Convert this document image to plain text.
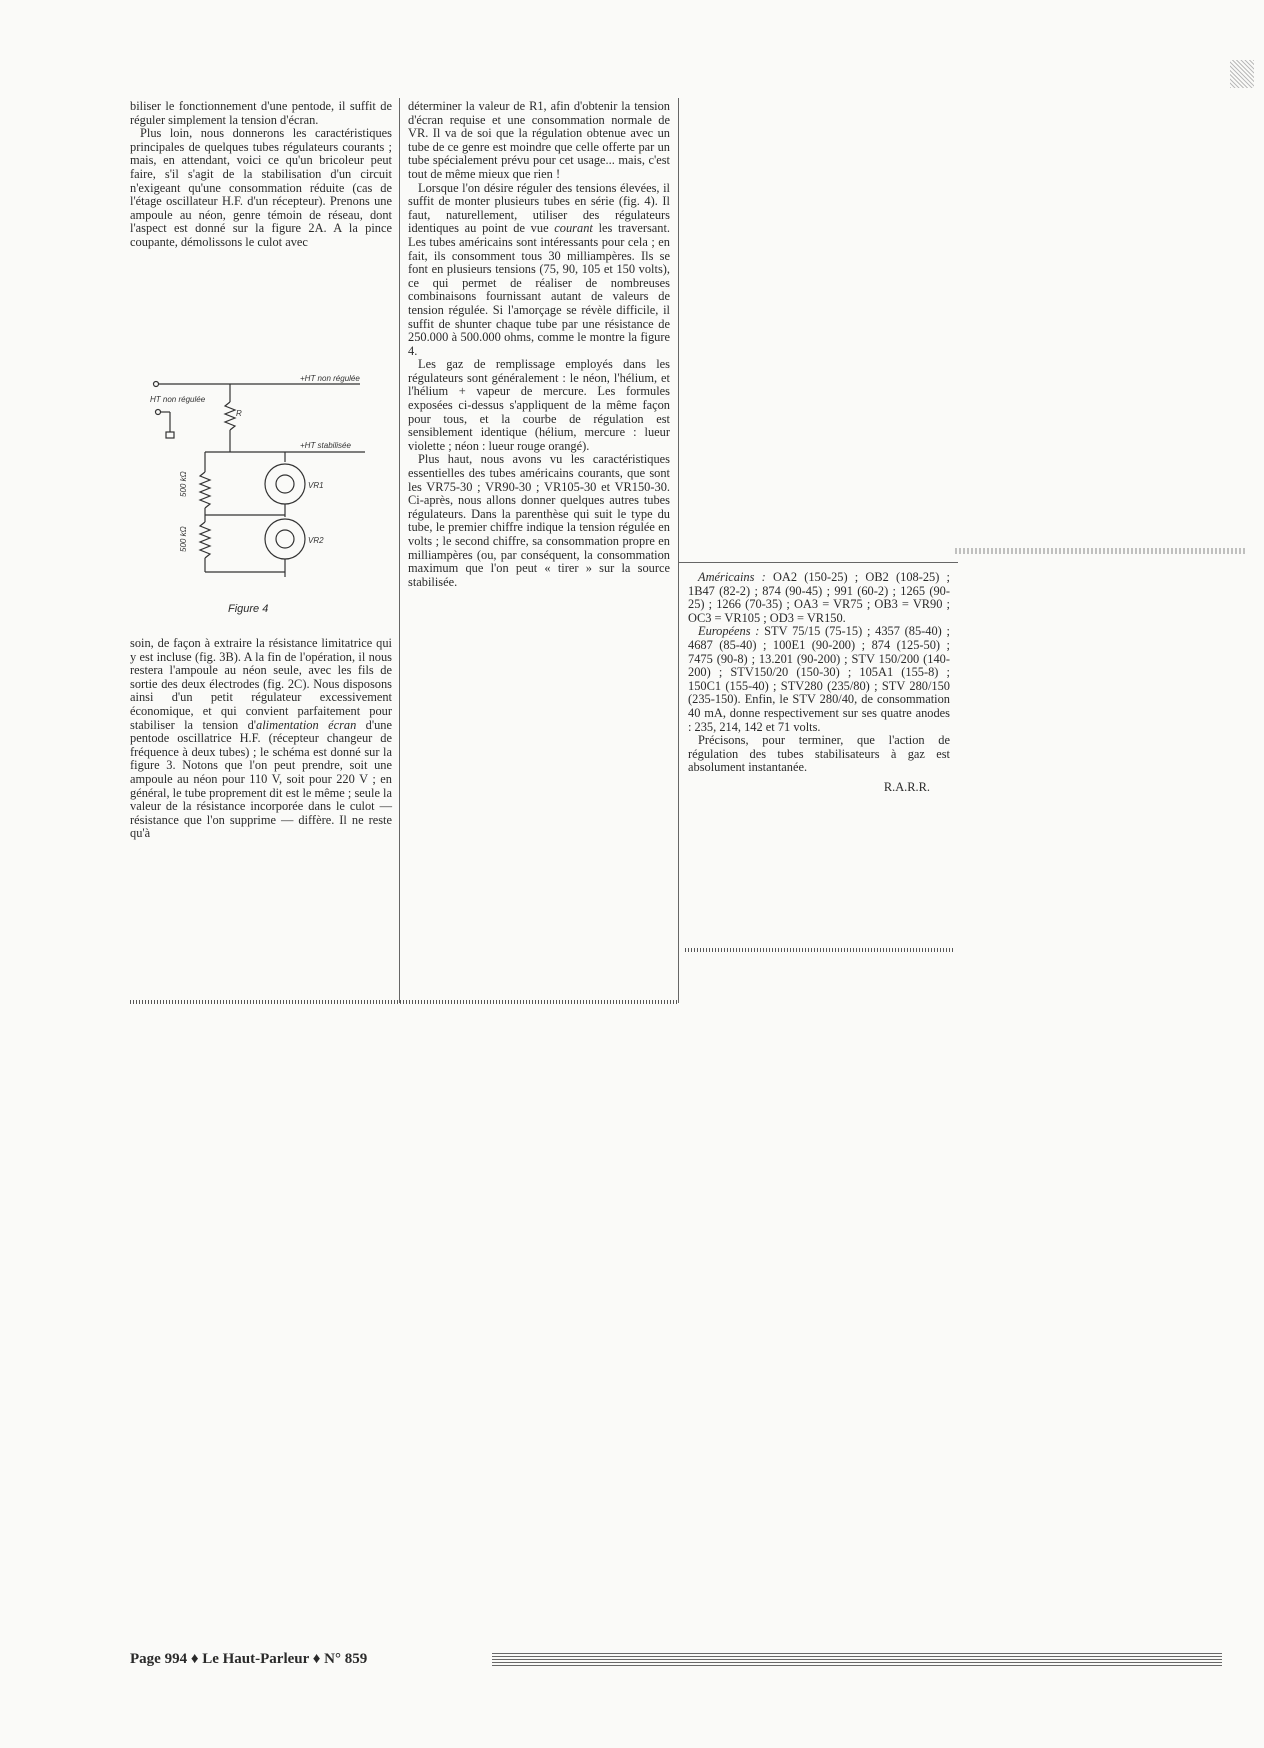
biliser le fonctionnement d'une pentode, il suffit de réguler simplement la tension d'écran.

Plus loin, nous donnerons les caractéristiques principales de quelques tubes régulateurs courants ; mais, en attendant, voici ce qu'un bricoleur peut faire, s'il s'agit de la stabilisation d'un circuit n'exigeant qu'une consommation réduite (cas de l'étage oscillateur H.F. d'un récepteur). Prenons une ampoule au néon, genre témoin de réseau, dont l'aspect est donné sur la figure 2A. A la pince coupante, démolissons le culot avec

+HT non régulée
HT non régulée
R
+HT stabilisée
VR1
VR2
500 kΩ
500 kΩ
Figure 4

soin, de façon à extraire la résistance limitatrice qui y est incluse (fig. 3B). A la fin de l'opération, il nous restera l'ampoule au néon seule, avec les fils de sortie des deux électrodes (fig. 2C). Nous disposons ainsi d'un petit régulateur excessivement économique, et qui convient parfaitement pour stabiliser la tension d'alimentation écran d'une pentode oscillatrice H.F. (récepteur changeur de fréquence à deux tubes) ; le schéma est donné sur la figure 3. Notons que l'on peut prendre, soit une ampoule au néon pour 110 V, soit pour 220 V ; en général, le tube proprement dit est le même ; seule la valeur de la résistance incorporée dans le culot — résistance que l'on supprime — diffère. Il ne reste qu'à

déterminer la valeur de R1, afin d'obtenir la tension d'écran requise et une consommation normale de VR. Il va de soi que la régulation obtenue avec un tube de ce genre est moindre que celle offerte par un tube spécialement prévu pour cet usage... mais, c'est tout de même mieux que rien !

Lorsque l'on désire réguler des tensions élevées, il suffit de monter plusieurs tubes en série (fig. 4). Il faut, naturellement, utiliser des régulateurs identiques au point de vue courant les traversant. Les tubes américains sont intéressants pour cela ; en fait, ils consomment tous 30 milliampères. Ils se font en plusieurs tensions (75, 90, 105 et 150 volts), ce qui permet de réaliser de nombreuses combinaisons fournissant autant de valeurs de tension régulée. Si l'amorçage se révèle difficile, il suffit de shunter chaque tube par une résistance de 250.000 à 500.000 ohms, comme le montre la figure 4.

Les gaz de remplissage employés dans les régulateurs sont généralement : le néon, l'hélium, et l'hélium + vapeur de mercure. Les formules exposées ci-dessus s'appliquent de la même façon pour tous, et la courbe de régulation est sensiblement identique (hélium, mercure : lueur violette ; néon : lueur rouge orangé).

Plus haut, nous avons vu les caractéristiques essentielles des tubes américains courants, que sont les VR75-30 ; VR90-30 ; VR105-30 et VR150-30. Ci-après, nous allons donner quelques autres tubes régulateurs. Dans la parenthèse qui suit le type du tube, le premier chiffre indique la tension régulée en volts ; le second chiffre, sa consommation propre en milliampères (ou, par conséquent, la consommation maximum que l'on peut « tirer » sur la source stabilisée.	Américains : OA2 (150-25) ; OB2 (108-25) ; 1B47 (82-2) ; 874 (90-45) ; 991 (60-2) ; 1265 (90-25) ; 1266 (70-35) ; OA3 = VR75 ; OB3 = VR90 ; OC3 = VR105 ; OD3 = VR150.

Européens : STV 75/15 (75-15) ; 4357 (85-40) ; 4687 (85-40) ; 100E1 (90-200) ; 874 (125-50) ; 7475 (90-8) ; 13.201 (90-200) ; STV 150/200 (140-200) ; STV150/20 (150-30) ; 105A1 (155-8) ; 150C1 (155-40) ; STV280 (235/80) ; STV 280/150 (235-150). Enfin, le STV 280/40, de consommation 40 mA, donne respectivement sur ses quatre anodes : 235, 214, 142 et 71 volts.

Précisons, pour terminer, que l'action de régulation des tubes stabilisateurs à gaz est absolument instantanée.

R.A.R.R.

Page 994 ♦ Le Haut-Parleur ♦ N° 859
